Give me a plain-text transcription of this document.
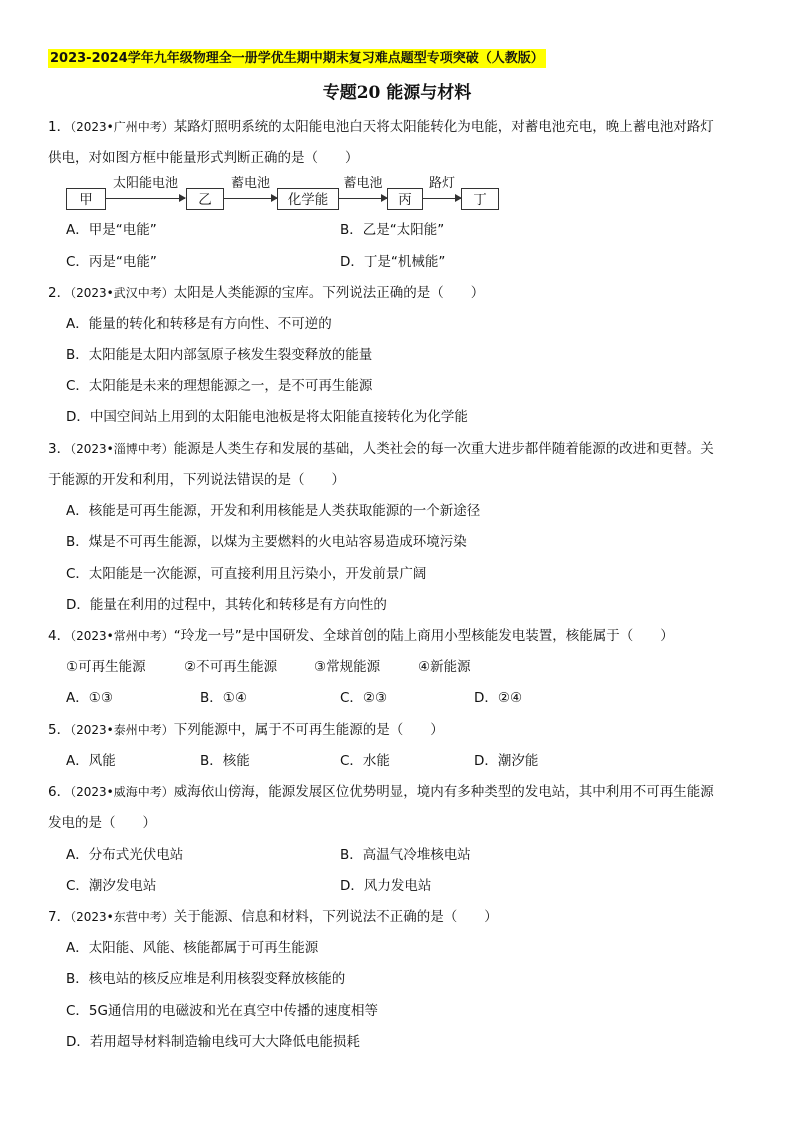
2023-2024学年九年级物理全一册学优生期中期末复习难点题型专项突破（人教版）
专题20 能源与材料
1．（2023•广州中考）某路灯照明系统的太阳能电池白天将太阳能转化为电能，对蓄电池充电，晚上蓄电池对路灯
供电，对如图方框中能量形式判断正确的是（　　）
甲
太阳能电池
乙
蓄电池
化学能
蓄电池
丙
路灯
丁
A．甲是“电能”	B．乙是“太阳能”
C．丙是“电能”	D．丁是“机械能”
2．（2023•武汉中考）太阳是人类能源的宝库。下列说法正确的是（　　）
A．能量的转化和转移是有方向性、不可逆的
B．太阳能是太阳内部氢原子核发生裂变释放的能量
C．太阳能是未来的理想能源之一，是不可再生能源
D．中国空间站上用到的太阳能电池板是将太阳能直接转化为化学能
3．（2023•淄博中考）能源是人类生存和发展的基础，人类社会的每一次重大进步都伴随着能源的改进和更替。关
于能源的开发和利用，下列说法错误的是（　　）
A．核能是可再生能源，开发和利用核能是人类获取能源的一个新途径
B．煤是不可再生能源，以煤为主要燃料的火电站容易造成环境污染
C．太阳能是一次能源，可直接利用且污染小，开发前景广阔
D．能量在利用的过程中，其转化和转移是有方向性的
4．（2023•常州中考）“玲龙一号”是中国研发、全球首创的陆上商用小型核能发电装置，核能属于（　　）
①可再生能源	②不可再生能源	③常规能源	④新能源
A．①③	B．①④	C．②③	D．②④
5．（2023•泰州中考）下列能源中，属于不可再生能源的是（　　）
A．风能	B．核能	C．水能	D．潮汐能
6．（2023•威海中考）威海依山傍海，能源发展区位优势明显，境内有多种类型的发电站，其中利用不可再生能源
发电的是（　　）
A．分布式光伏电站	B．高温气冷堆核电站
C．潮汐发电站	D．风力发电站
7．（2023•东营中考）关于能源、信息和材料，下列说法不正确的是（　　）
A．太阳能、风能、核能都属于可再生能源
B．核电站的核反应堆是利用核裂变释放核能的
C．5G通信用的电磁波和光在真空中传播的速度相等
D．若用超导材料制造输电线可大大降低电能损耗
